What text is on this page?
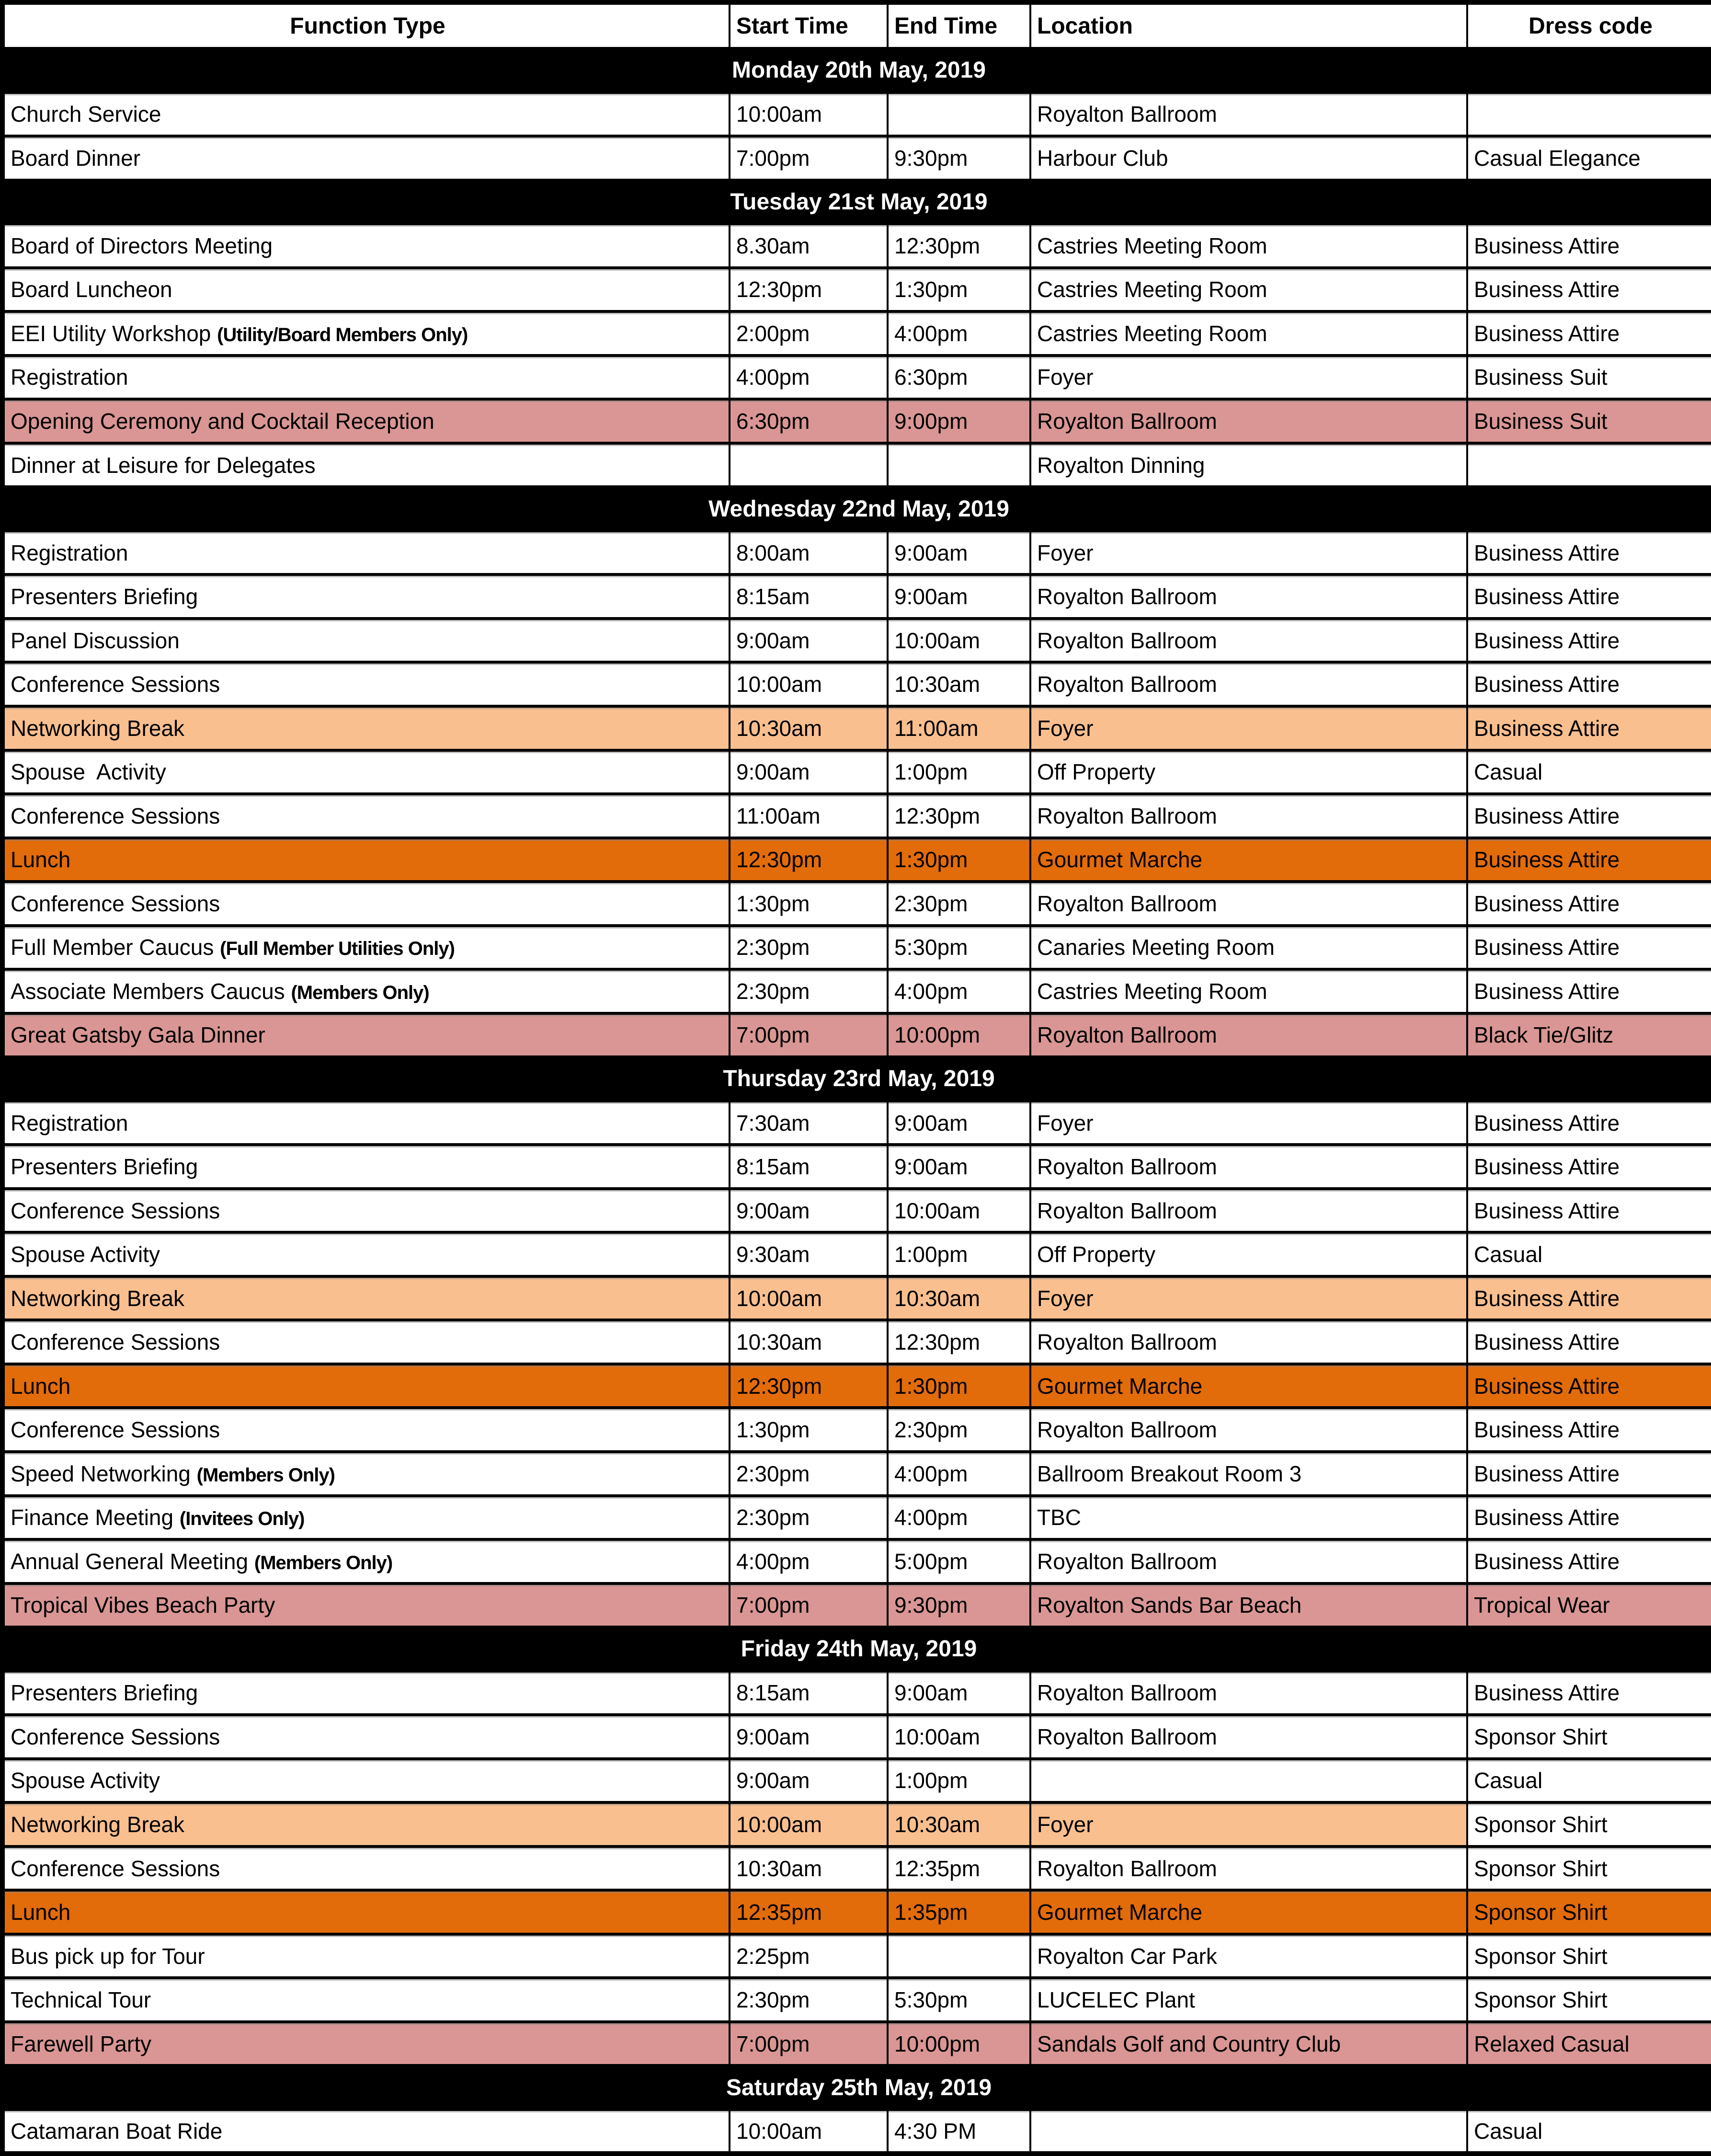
Function Type	Start Time	End Time	Location	Dress code
Monday 20th May, 2019				
Church Service	10:00am		Royalton Ballroom	
Board Dinner	7:00pm	9:30pm	Harbour Club	Casual Elegance
Tuesday 21st May, 2019				
Board of Directors Meeting	8.30am	12:30pm	Castries Meeting Room	Business Attire
Board Luncheon	12:30pm	1:30pm	Castries Meeting Room	Business Attire
EEI Utility Workshop (Utility/Board Members Only)	2:00pm	4:00pm	Castries Meeting Room	Business Attire
Registration	4:00pm	6:30pm	Foyer	Business Suit
Opening Ceremony and Cocktail Reception	6:30pm	9:00pm	Royalton Ballroom	Business Suit
Dinner at Leisure for Delegates			Royalton Dinning	
Wednesday 22nd May, 2019				
Registration	8:00am	9:00am	Foyer	Business Attire
Presenters Briefing	8:15am	9:00am	Royalton Ballroom	Business Attire
Panel Discussion	9:00am	10:00am	Royalton Ballroom	Business Attire
Conference Sessions	10:00am	10:30am	Royalton Ballroom	Business Attire
Networking Break	10:30am	11:00am	Foyer	Business Attire
Spouse  Activity	9:00am	1:00pm	Off Property	Casual
Conference Sessions	11:00am	12:30pm	Royalton Ballroom	Business Attire
Lunch	12:30pm	1:30pm	Gourmet Marche	Business Attire
Conference Sessions	1:30pm	2:30pm	Royalton Ballroom	Business Attire
Full Member Caucus (Full Member Utilities Only)	2:30pm	5:30pm	Canaries Meeting Room	Business Attire
Associate Members Caucus (Members Only)	2:30pm	4:00pm	Castries Meeting Room	Business Attire
Great Gatsby Gala Dinner	7:00pm	10:00pm	Royalton Ballroom	Black Tie/Glitz
Thursday 23rd May, 2019				
Registration	7:30am	9:00am	Foyer	Business Attire
Presenters Briefing	8:15am	9:00am	Royalton Ballroom	Business Attire
Conference Sessions	9:00am	10:00am	Royalton Ballroom	Business Attire
Spouse Activity	9:30am	1:00pm	Off Property	Casual
Networking Break	10:00am	10:30am	Foyer	Business Attire
Conference Sessions	10:30am	12:30pm	Royalton Ballroom	Business Attire
Lunch	12:30pm	1:30pm	Gourmet Marche	Business Attire
Conference Sessions	1:30pm	2:30pm	Royalton Ballroom	Business Attire
Speed Networking (Members Only)	2:30pm	4:00pm	Ballroom Breakout Room 3	Business Attire
Finance Meeting (Invitees Only)	2:30pm	4:00pm	TBC	Business Attire
Annual General Meeting (Members Only)	4:00pm	5:00pm	Royalton Ballroom	Business Attire
Tropical Vibes Beach Party	7:00pm	9:30pm	Royalton Sands Bar Beach	Tropical Wear
Friday 24th May, 2019				
Presenters Briefing	8:15am	9:00am	Royalton Ballroom	Business Attire
Conference Sessions	9:00am	10:00am	Royalton Ballroom	Sponsor Shirt
Spouse Activity	9:00am	1:00pm		Casual
Networking Break	10:00am	10:30am	Foyer	Sponsor Shirt
Conference Sessions	10:30am	12:35pm	Royalton Ballroom	Sponsor Shirt
Lunch	12:35pm	1:35pm	Gourmet Marche	Sponsor Shirt
Bus pick up for Tour	2:25pm		Royalton Car Park	Sponsor Shirt
Technical Tour	2:30pm	5:30pm	LUCELEC Plant	Sponsor Shirt
Farewell Party	7:00pm	10:00pm	Sandals Golf and Country Club	Relaxed Casual
Saturday 25th May, 2019				
Catamaran Boat Ride	10:00am	4:30 PM		Casual
